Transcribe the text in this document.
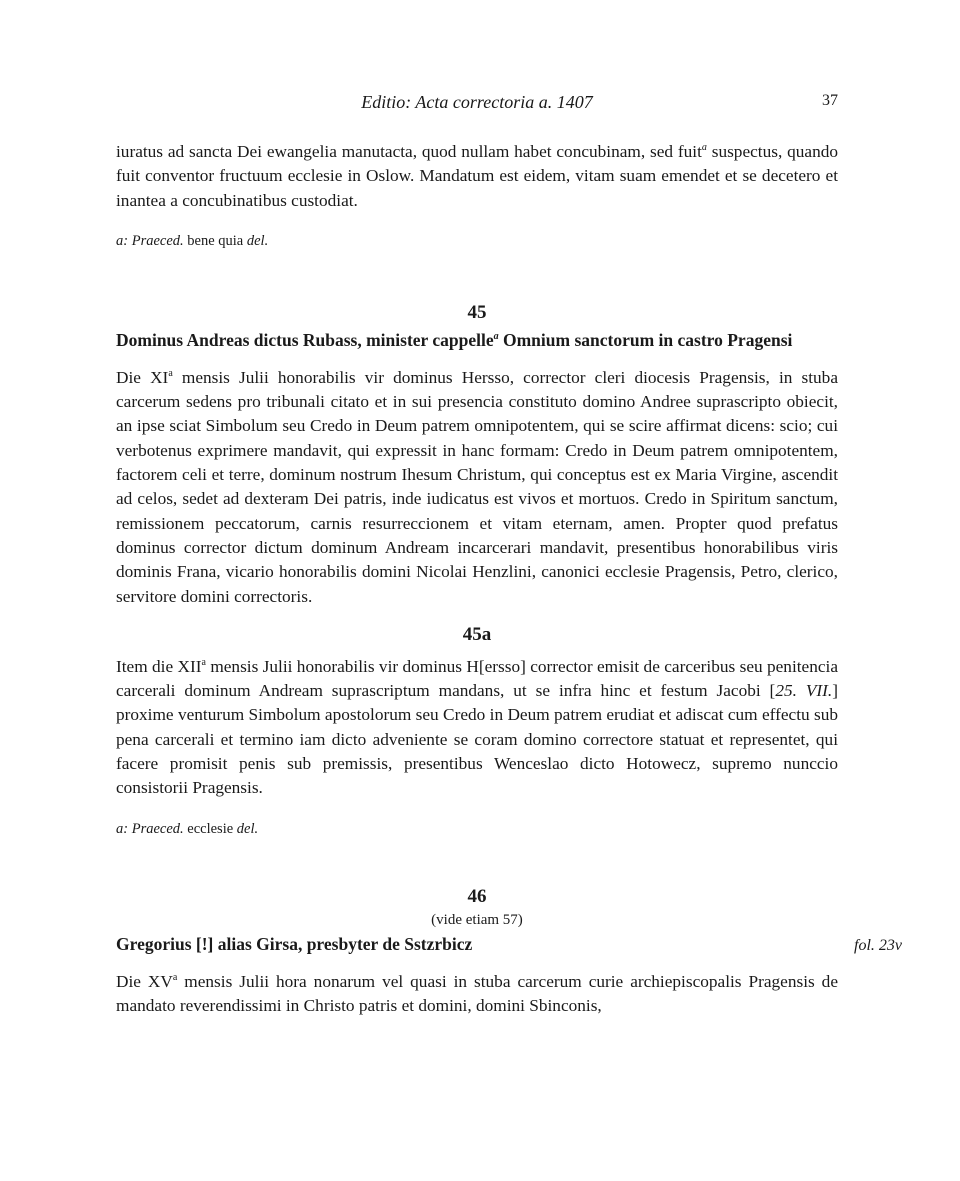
Editio: Acta correctoria a. 1407	37

iuratus ad sancta Dei ewangelia manutacta, quod nullam habet concubinam, sed fuit$^a$ suspectus, quando fuit conventor fructuum ecclesie in Oslow. Mandatum est eidem, vitam suam emendet et se decetero et inantea a concubinatibus custodiat.

a: Praeced. bene quia del.

45

Dominus Andreas dictus Rubass, minister cappelle$^a$ Omnium sanctorum in castro Pragensi

Die $XI^a$ mensis Julii honorabilis vir dominus Hersso, corrector cleri diocesis Pragensis, in stuba carcerum sedens pro tribunali citato et in sui presencia constituto domino Andree suprascripto obiecit, an ipse sciat Simbolum seu Credo in Deum patrem omnipotentem, qui se scire affirmat dicens: scio; cui verbotenus exprimere mandavit, qui expressit in hanc formam: Credo in Deum patrem omnipotentem, factorem celi et terre, dominum nostrum Ihesum Christum, qui conceptus est ex Maria Virgine, ascendit ad celos, sedet ad dexteram Dei patris, inde iudicatus est vivos et mortuos. Credo in Spiritum sanctum, remissionem peccatorum, carnis resurreccionem et vitam eternam, amen. Propter quod prefatus dominus corrector dictum dominum Andream incarcerari mandavit, presentibus honorabilibus viris dominis Frana, vicario honorabilis domini Nicolai Henzlini, canonici ecclesie Pragensis, Petro, clerico, servitore domini correctoris.

45a

Item die XII$^a$ mensis Julii honorabilis vir dominus H[ersso] corrector emisit de carceribus seu penitencia carcerali dominum Andream suprascriptum mandans, ut se infra hinc et festum Jacobi [25. VII.] proxime venturum Simbolum apostolorum seu Credo in Deum patrem erudiat et adiscat cum effectu sub pena carcerali et termino iam dicto adveniente se coram domino correctore statuat et representet, qui facere promisit penis sub premissis, presentibus Wenceslao dicto Hotowecz, supremo nunccio consistorii Pragensis.

a: Praeced. ecclesie del.

46

(vide etiam 57)

Gregorius [!] alias Girsa, presbyter de Sstzrbicz	fol. 23v

Die $XV^a$ mensis Julii hora nonarum vel quasi in stuba carcerum curie archiepiscopalis Pragensis de mandato reverendissimi in Christo patris et domini, domini Sbinconis,
